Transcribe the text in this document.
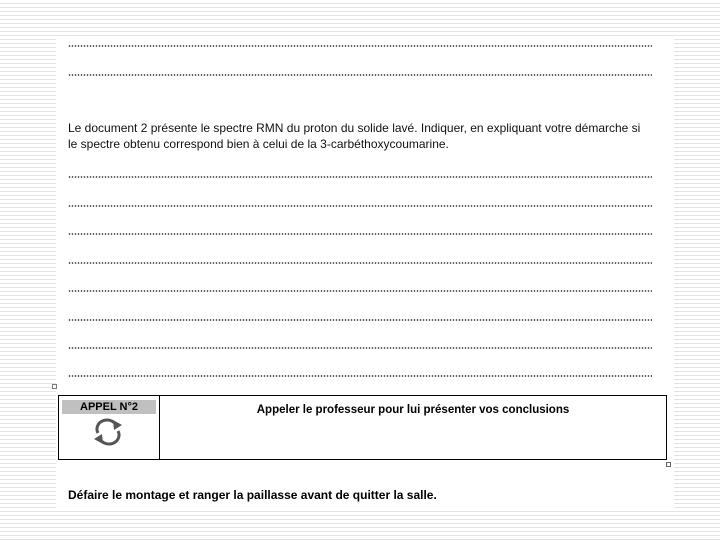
Le document 2 présente le spectre RMN du proton du solide lavé. Indiquer, en expliquant votre démarche si
le spectre obtenu correspond bien à celui de la 3-carbéthoxycoumarine.

APPEL N°2	Appeler le professeur pour lui présenter vos conclusions
Défaire le montage et ranger la paillasse avant de quitter la salle.
